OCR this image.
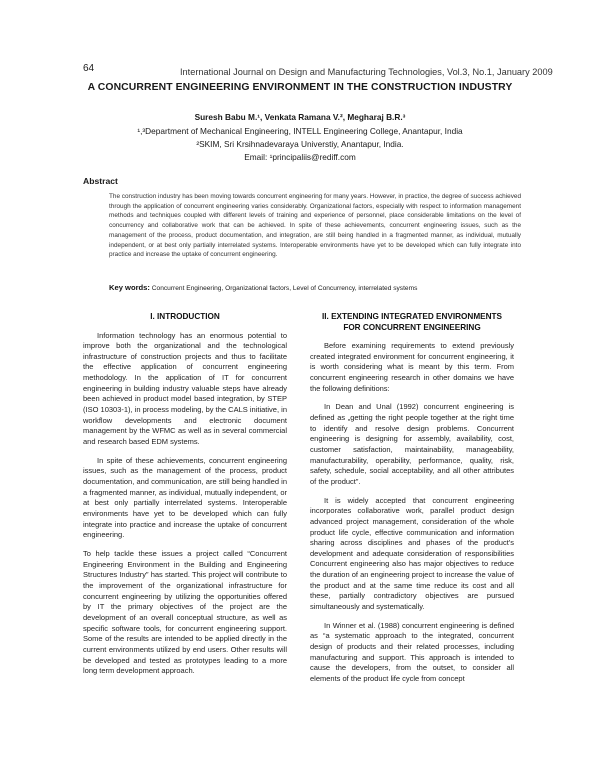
64	International Journal on Design and Manufacturing Technologies, Vol.3, No.1, January 2009
A CONCURRENT ENGINEERING ENVIRONMENT IN THE CONSTRUCTION INDUSTRY
Suresh Babu M.¹, Venkata Ramana V.², Megharaj B.R.³
¹,³Department of Mechanical Engineering, INTELL Engineering College, Anantapur, India
²SKIM, Sri Krsihnadevaraya Universtiy, Anantapur, India.
Email: ¹principaliis@rediff.com
Abstract

The construction industry has been moving towards concurrent engineering for many years. However, in practice, the degree of success achieved through the application of concurrent engineering varies considerably. Organizational factors, especially with respect to information management methods and techniques coupled with different levels of training and experience of personnel, place considerable limitations on the level of concurrency and collaborative work that can be achieved. In spite of these achievements, concurrent engineering issues, such as the management of the process, product documentation, and integration, are still being handled in a fragmented manner, as individual, mutually independent, or at best only partially interrelated systems. Interoperable environments have yet to be developed which can fully integrate into practice and increase the uptake of concurrent engineering.

Key words: Concurrent Engineering, Organizational factors, Level of Concurrency, interrelated systems
I. INTRODUCTION

Information technology has an enormous potential to improve both the organizational and the technological infrastructure of construction projects and thus to facilitate the effective application of concurrent engineering methodology. In the application of IT for concurrent engineering in building industry valuable steps have already been achieved in product model based integration, by STEP (ISO 10303-1), in process modeling, by the CALS initiative, in workflow developments and electronic document management by the WFMC as well as in several commercial and research based EDM systems.

In spite of these achievements, concurrent engineering issues, such as the management of the process, product documentation, and communication, are still being handled in a fragmented manner, as individual, mutually independent, or at best only partially interrelated systems. Interoperable environments have yet to be developed which can fully integrate into practice and increase the uptake of concurrent engineering.

To help tackle these issues a project called “Concurrent Engineering Environment in the Building and Engineering Structures Industry” has started. This project will contribute to the improvement of the organizational infrastructure for concurrent engineering by utilizing the opportunities offered by IT the primary objectives of the project are the development of an overall conceptual structure, as well as specific software tools, for concurrent engineering support. Some of the results are intended to be applied directly in the current environments utilized by end users. Other results will be developed and tested as prototypes leading to a more long term development approach.

II. EXTENDING INTEGRATED ENVIRONMENTS
FOR CONCURRENT ENGINEERING

Before examining requirements to extend previously created integrated environment for concurrent engineering, it is worth considering what is meant by this term. From concurrent engineering research in other domains we have the following definitions:

In Dean and Unal (1992) concurrent engineering is defined as „getting the right people together at the right time to identify and resolve design problems. Concurrent engineering is designing for assembly, availability, cost, customer satisfaction, maintainability, manageability, manufacturability, operability, performance, quality, risk, safety, schedule, social acceptability, and all other attributes of the product”.

It is widely accepted that concurrent engineering incorporates collaborative work, parallel product design advanced project management, consideration of the whole product life cycle, effective communication and information sharing across disciplines and phases of the product's development and adequate consideration of responsibilities Concurrent engineering also has major objectives to reduce the duration of an engineering project to increase the value of the product and at the same time reduce its cost and all these, partially contradictory objectives are pursued simultaneously and systematically.

In Winner et al. (1988) concurrent engineering is defined as “a systematic approach to the integrated, concurrent design of products and their related processes, including manufacturing and support. This approach is intended to cause the developers, from the outset, to consider all elements of the product life cycle from concept
